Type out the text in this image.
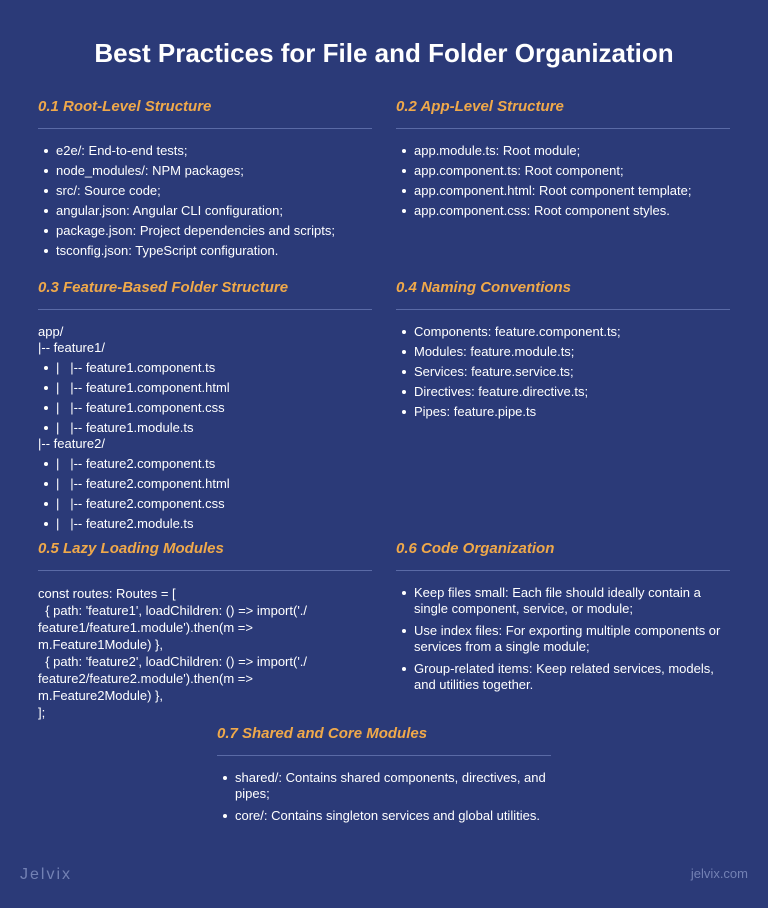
Best Practices for File and Folder Organization
0.1 Root-Level Structure
e2e/: End-to-end tests;
node_modules/: NPM packages;
src/: Source code;
angular.json: Angular CLI configuration;
package.json: Project dependencies and scripts;
tsconfig.json: TypeScript configuration.
0.2 App-Level Structure
app.module.ts: Root module;
app.component.ts: Root component;
app.component.html: Root component template;
app.component.css: Root component styles.
0.3 Feature-Based Folder Structure
app/
|-- feature1/
|   |-- feature1.component.ts
|   |-- feature1.component.html
|   |-- feature1.component.css
|   |-- feature1.module.ts
|-- feature2/
|   |-- feature2.component.ts
|   |-- feature2.component.html
|   |-- feature2.component.css
|   |-- feature2.module.ts
0.4 Naming Conventions
Components: feature.component.ts;
Modules: feature.module.ts;
Services: feature.service.ts;
Directives: feature.directive.ts;
Pipes: feature.pipe.ts
0.5 Lazy Loading Modules
const routes: Routes = [
{ path: 'feature1', loadChildren: () => import('./
feature1/feature1.module').then(m =>
m.Feature1Module) },
{ path: 'feature2', loadChildren: () => import('./
feature2/feature2.module').then(m =>
m.Feature2Module) },
];
0.6 Code Organization
Keep files small: Each file should ideally contain a single component, service, or module;
Use index files: For exporting multiple components or services from a single module;
Group-related items: Keep related services, models, and utilities together.
0.7 Shared and Core Modules
shared/: Contains shared components, directives, and pipes;
core/: Contains singleton services and global utilities.
Jelvix	jelvix.com
